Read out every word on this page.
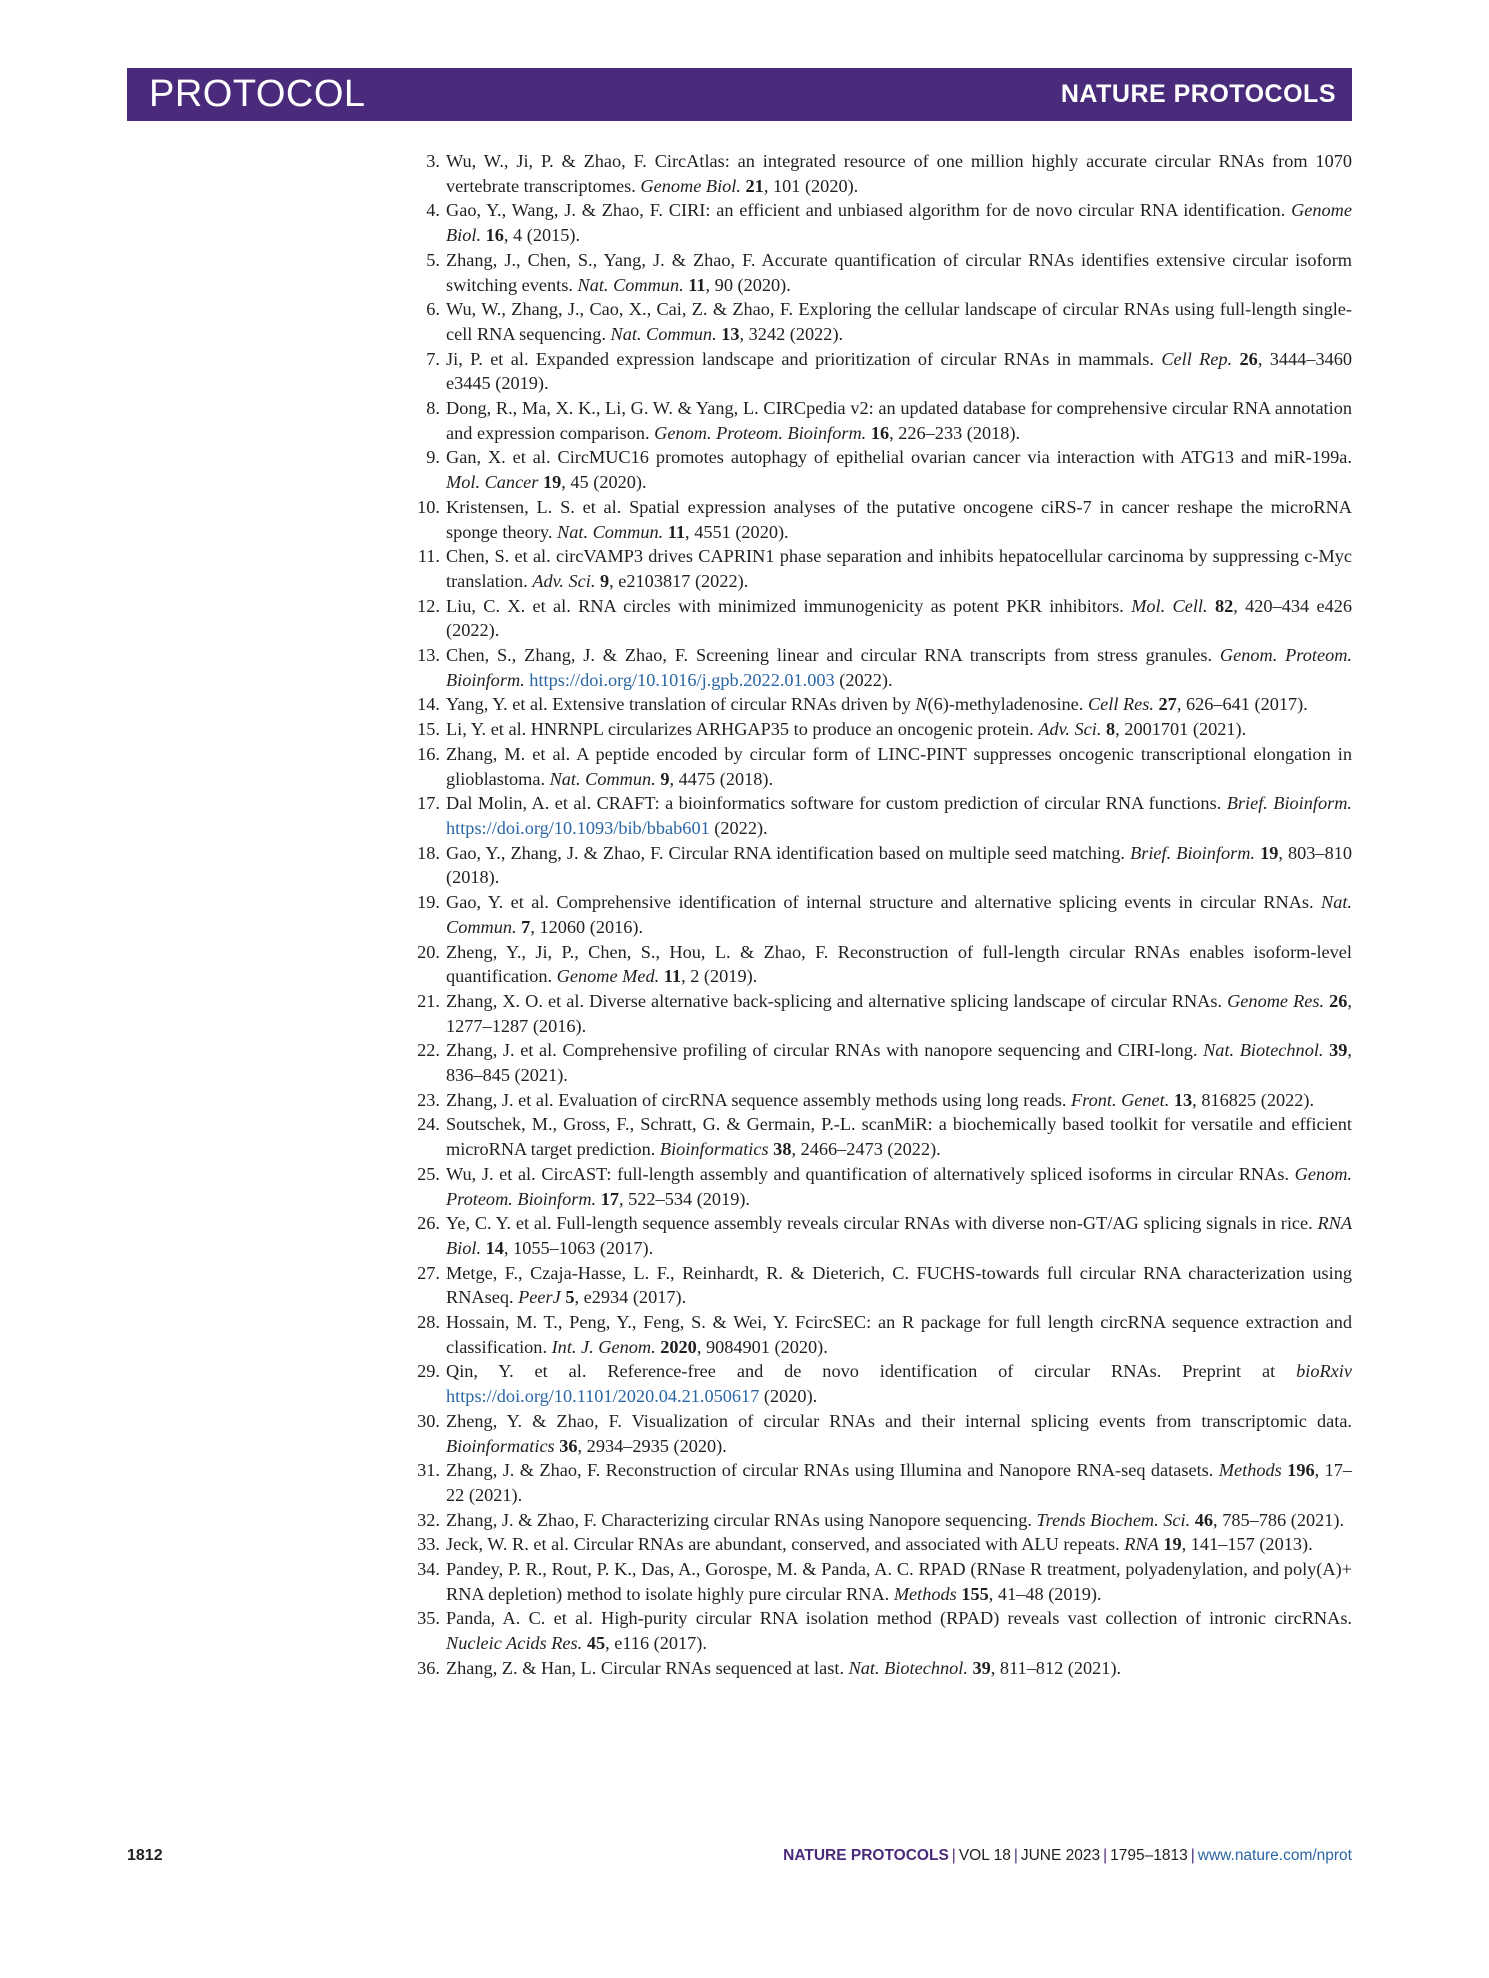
PROTOCOL	NATURE PROTOCOLS
3. Wu, W., Ji, P. & Zhao, F. CircAtlas: an integrated resource of one million highly accurate circular RNAs from 1070 vertebrate transcriptomes. Genome Biol. 21, 101 (2020).
4. Gao, Y., Wang, J. & Zhao, F. CIRI: an efficient and unbiased algorithm for de novo circular RNA identification. Genome Biol. 16, 4 (2015).
5. Zhang, J., Chen, S., Yang, J. & Zhao, F. Accurate quantification of circular RNAs identifies extensive circular isoform switching events. Nat. Commun. 11, 90 (2020).
6. Wu, W., Zhang, J., Cao, X., Cai, Z. & Zhao, F. Exploring the cellular landscape of circular RNAs using full-length single-cell RNA sequencing. Nat. Commun. 13, 3242 (2022).
7. Ji, P. et al. Expanded expression landscape and prioritization of circular RNAs in mammals. Cell Rep. 26, 3444–3460 e3445 (2019).
8. Dong, R., Ma, X. K., Li, G. W. & Yang, L. CIRCpedia v2: an updated database for comprehensive circular RNA annotation and expression comparison. Genom. Proteom. Bioinform. 16, 226–233 (2018).
9. Gan, X. et al. CircMUC16 promotes autophagy of epithelial ovarian cancer via interaction with ATG13 and miR-199a. Mol. Cancer 19, 45 (2020).
10. Kristensen, L. S. et al. Spatial expression analyses of the putative oncogene ciRS-7 in cancer reshape the microRNA sponge theory. Nat. Commun. 11, 4551 (2020).
11. Chen, S. et al. circVAMP3 drives CAPRIN1 phase separation and inhibits hepatocellular carcinoma by suppressing c-Myc translation. Adv. Sci. 9, e2103817 (2022).
12. Liu, C. X. et al. RNA circles with minimized immunogenicity as potent PKR inhibitors. Mol. Cell. 82, 420–434 e426 (2022).
13. Chen, S., Zhang, J. & Zhao, F. Screening linear and circular RNA transcripts from stress granules. Genom. Proteom. Bioinform. https://doi.org/10.1016/j.gpb.2022.01.003 (2022).
14. Yang, Y. et al. Extensive translation of circular RNAs driven by N(6)-methyladenosine. Cell Res. 27, 626–641 (2017).
15. Li, Y. et al. HNRNPL circularizes ARHGAP35 to produce an oncogenic protein. Adv. Sci. 8, 2001701 (2021).
16. Zhang, M. et al. A peptide encoded by circular form of LINC-PINT suppresses oncogenic transcriptional elongation in glioblastoma. Nat. Commun. 9, 4475 (2018).
17. Dal Molin, A. et al. CRAFT: a bioinformatics software for custom prediction of circular RNA functions. Brief. Bioinform. https://doi.org/10.1093/bib/bbab601 (2022).
18. Gao, Y., Zhang, J. & Zhao, F. Circular RNA identification based on multiple seed matching. Brief. Bioinform. 19, 803–810 (2018).
19. Gao, Y. et al. Comprehensive identification of internal structure and alternative splicing events in circular RNAs. Nat. Commun. 7, 12060 (2016).
20. Zheng, Y., Ji, P., Chen, S., Hou, L. & Zhao, F. Reconstruction of full-length circular RNAs enables isoform-level quantification. Genome Med. 11, 2 (2019).
21. Zhang, X. O. et al. Diverse alternative back-splicing and alternative splicing landscape of circular RNAs. Genome Res. 26, 1277–1287 (2016).
22. Zhang, J. et al. Comprehensive profiling of circular RNAs with nanopore sequencing and CIRI-long. Nat. Biotechnol. 39, 836–845 (2021).
23. Zhang, J. et al. Evaluation of circRNA sequence assembly methods using long reads. Front. Genet. 13, 816825 (2022).
24. Soutschek, M., Gross, F., Schratt, G. & Germain, P.-L. scanMiR: a biochemically based toolkit for versatile and efficient microRNA target prediction. Bioinformatics 38, 2466–2473 (2022).
25. Wu, J. et al. CircAST: full-length assembly and quantification of alternatively spliced isoforms in circular RNAs. Genom. Proteom. Bioinform. 17, 522–534 (2019).
26. Ye, C. Y. et al. Full-length sequence assembly reveals circular RNAs with diverse non-GT/AG splicing signals in rice. RNA Biol. 14, 1055–1063 (2017).
27. Metge, F., Czaja-Hasse, L. F., Reinhardt, R. & Dieterich, C. FUCHS-towards full circular RNA characterization using RNAseq. PeerJ 5, e2934 (2017).
28. Hossain, M. T., Peng, Y., Feng, S. & Wei, Y. FcircSEC: an R package for full length circRNA sequence extraction and classification. Int. J. Genom. 2020, 9084901 (2020).
29. Qin, Y. et al. Reference-free and de novo identification of circular RNAs. Preprint at bioRxiv https://doi.org/10.1101/2020.04.21.050617 (2020).
30. Zheng, Y. & Zhao, F. Visualization of circular RNAs and their internal splicing events from transcriptomic data. Bioinformatics 36, 2934–2935 (2020).
31. Zhang, J. & Zhao, F. Reconstruction of circular RNAs using Illumina and Nanopore RNA-seq datasets. Methods 196, 17–22 (2021).
32. Zhang, J. & Zhao, F. Characterizing circular RNAs using Nanopore sequencing. Trends Biochem. Sci. 46, 785–786 (2021).
33. Jeck, W. R. et al. Circular RNAs are abundant, conserved, and associated with ALU repeats. RNA 19, 141–157 (2013).
34. Pandey, P. R., Rout, P. K., Das, A., Gorospe, M. & Panda, A. C. RPAD (RNase R treatment, polyadenylation, and poly(A)+ RNA depletion) method to isolate highly pure circular RNA. Methods 155, 41–48 (2019).
35. Panda, A. C. et al. High-purity circular RNA isolation method (RPAD) reveals vast collection of intronic circRNAs. Nucleic Acids Res. 45, e116 (2017).
36. Zhang, Z. & Han, L. Circular RNAs sequenced at last. Nat. Biotechnol. 39, 811–812 (2021).
1812	NATURE PROTOCOLS | VOL 18 | JUNE 2023 | 1795–1813 | www.nature.com/nprot
